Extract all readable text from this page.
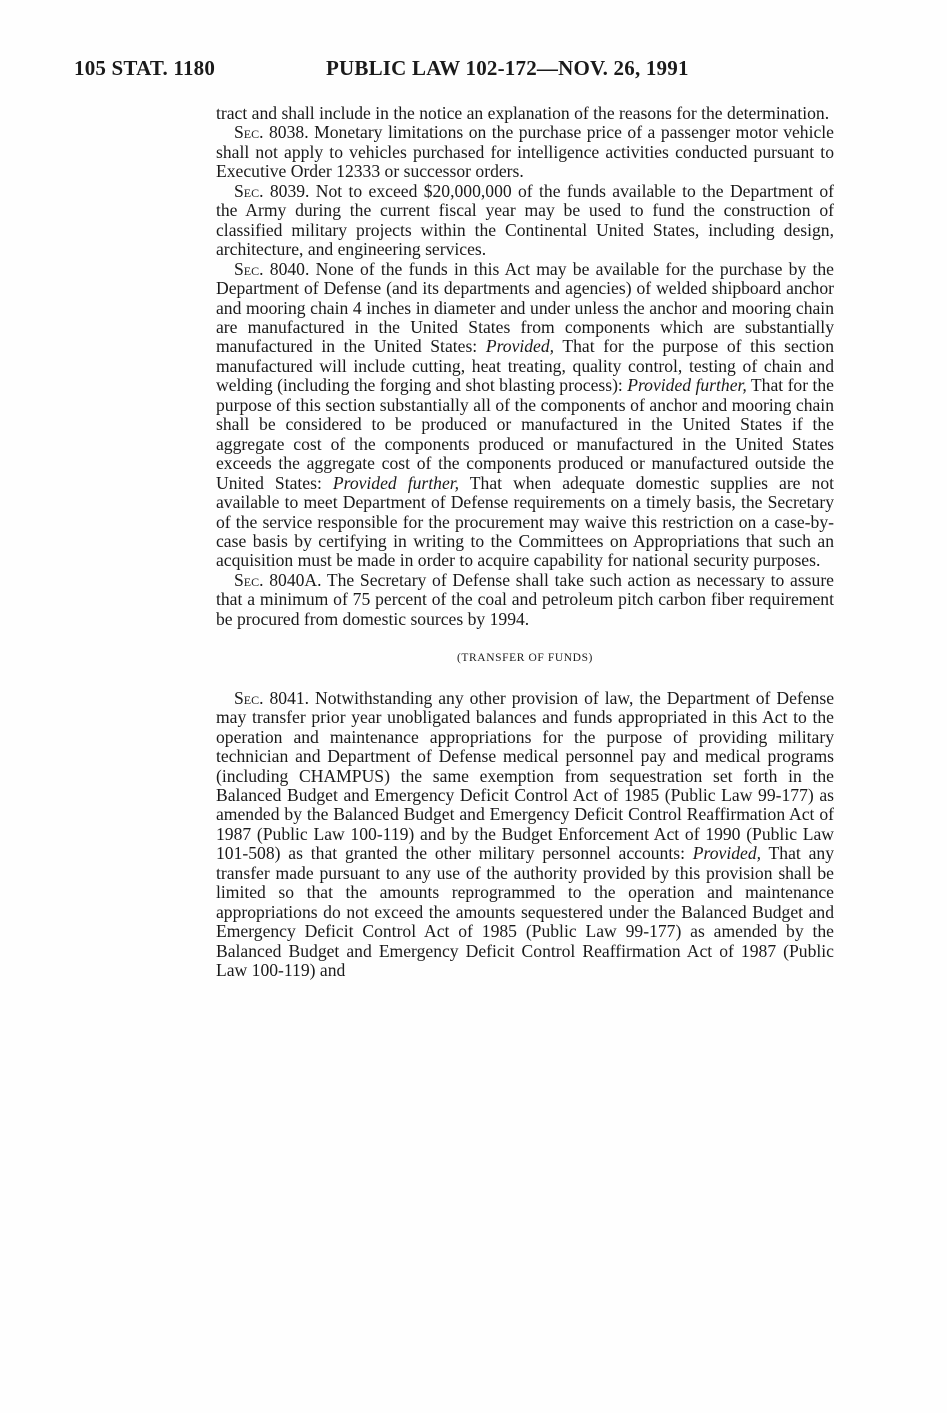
105 STAT. 1180	PUBLIC LAW 102-172—NOV. 26, 1991

tract and shall include in the notice an explanation of the reasons for the determination.

Sec. 8038. Monetary limitations on the purchase price of a passenger motor vehicle shall not apply to vehicles purchased for intelligence activities conducted pursuant to Executive Order 12333 or successor orders.

Sec. 8039. Not to exceed $20,000,000 of the funds available to the Department of the Army during the current fiscal year may be used to fund the construction of classified military projects within the Continental United States, including design, architecture, and engineering services.

Sec. 8040. None of the funds in this Act may be available for the purchase by the Department of Defense (and its departments and agencies) of welded shipboard anchor and mooring chain 4 inches in diameter and under unless the anchor and mooring chain are manufactured in the United States from components which are substantially manufactured in the United States: Provided, That for the purpose of this section manufactured will include cutting, heat treating, quality control, testing of chain and welding (including the forging and shot blasting process): Provided further, That for the purpose of this section substantially all of the components of anchor and mooring chain shall be considered to be produced or manufactured in the United States if the aggregate cost of the components produced or manufactured in the United States exceeds the aggregate cost of the components produced or manufactured outside the United States: Provided further, That when adequate domestic supplies are not available to meet Department of Defense requirements on a timely basis, the Secretary of the service responsible for the procurement may waive this restriction on a case-by-case basis by certifying in writing to the Committees on Appropriations that such an acquisition must be made in order to acquire capability for national security purposes.

Sec. 8040A. The Secretary of Defense shall take such action as necessary to assure that a minimum of 75 percent of the coal and petroleum pitch carbon fiber requirement be procured from domestic sources by 1994.

(TRANSFER OF FUNDS)

Sec. 8041. Notwithstanding any other provision of law, the Department of Defense may transfer prior year unobligated balances and funds appropriated in this Act to the operation and maintenance appropriations for the purpose of providing military technician and Department of Defense medical personnel pay and medical programs (including CHAMPUS) the same exemption from sequestration set forth in the Balanced Budget and Emergency Deficit Control Act of 1985 (Public Law 99-177) as amended by the Balanced Budget and Emergency Deficit Control Reaffirmation Act of 1987 (Public Law 100-119) and by the Budget Enforcement Act of 1990 (Public Law 101-508) as that granted the other military personnel accounts: Provided, That any transfer made pursuant to any use of the authority provided by this provision shall be limited so that the amounts reprogrammed to the operation and maintenance appropriations do not exceed the amounts sequestered under the Balanced Budget and Emergency Deficit Control Act of 1985 (Public Law 99-177) as amended by the Balanced Budget and Emergency Deficit Control Reaffirmation Act of 1987 (Public Law 100-119) and
